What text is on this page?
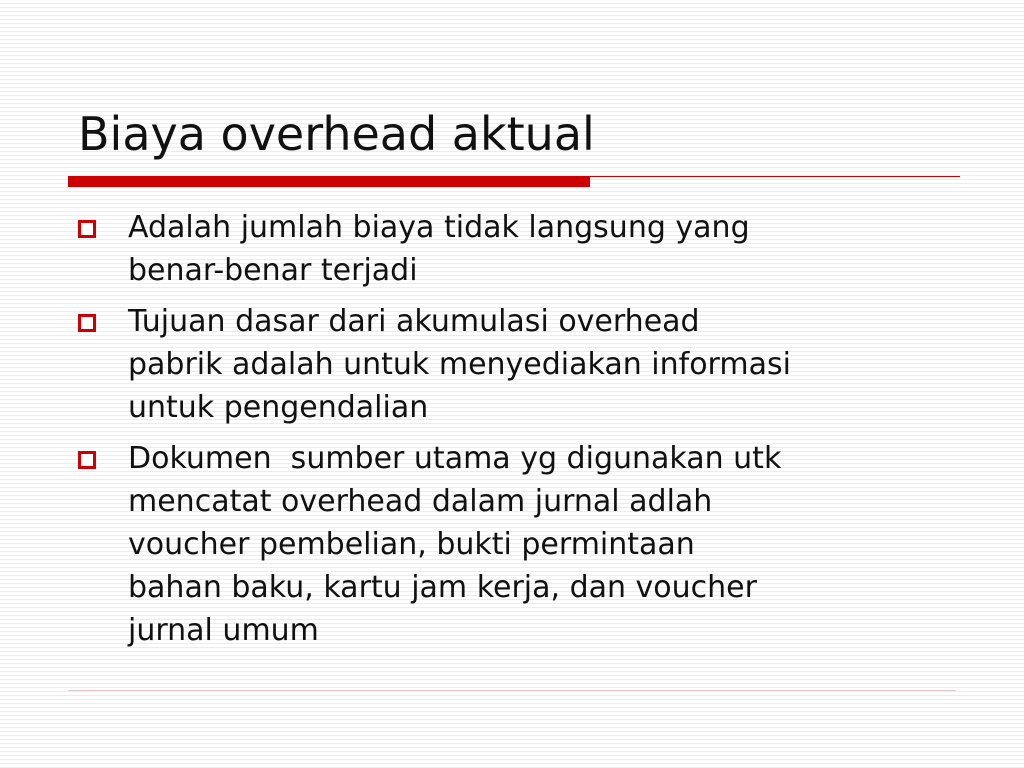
Biaya overhead aktual
Adalah jumlah biaya tidak langsung yang
benar-benar terjadi
Tujuan dasar dari akumulasi overhead
pabrik adalah untuk menyediakan informasi
untuk pengendalian
Dokumen  sumber utama yg digunakan utk
mencatat overhead dalam jurnal adlah
voucher pembelian, bukti permintaan
bahan baku, kartu jam kerja, dan voucher
jurnal umum
